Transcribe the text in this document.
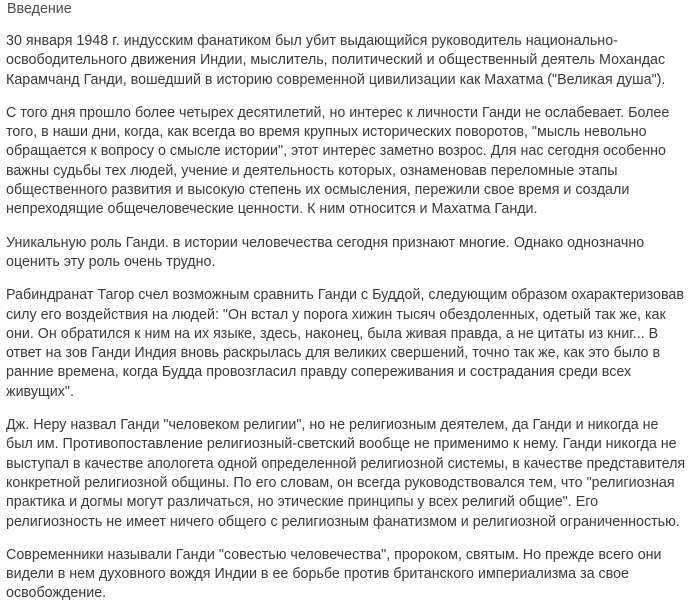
Введение

30 января 1948 г. индусским фанатиком был убит выдающийся руководитель национально-освободительного движения Индии, мыслитель, политический и общественный деятель Мохандас Карамчанд Ганди, вошедший в историю современной цивилизации как Махатма ("Великая душа").

С того дня прошло более четырех десятилетий, но интерес к личности Ганди не ослабевает. Более того, в наши дни, когда, как всегда во время крупных исторических поворотов, "мысль невольно обращается к вопросу о смысле истории", этот интерес заметно возрос. Для нас сегодня особенно важны судьбы тех людей, учение и деятельность которых, ознаменовав переломные этапы общественного развития и высокую степень их осмысления, пережили свое время и создали непреходящие общечеловеческие ценности. К ним относится и Махатма Ганди.

Уникальную роль Ганди. в истории человечества сегодня признают многие. Однако однозначно оценить эту роль очень трудно.

Рабиндранат Тагор счел возможным сравнить Ганди с Буддой, следующим образом охарактеризовав силу его воздействия на людей: "Он встал у порога хижин тысяч обездоленных, одетый так же, как они. Он обратился к ним на их языке, здесь, наконец, была живая правда, а не цитаты из книг... В ответ на зов Ганди Индия вновь раскрылась для великих свершений, точно так же, как это было в ранние времена, когда Будда провозгласил правду сопереживания и сострадания среди всех живущих".

Дж. Неру назвал Ганди "человеком религии", но не религиозным деятелем, да Ганди и никогда не был им. Противопоставление религиозный-светский вообще не применимо к нему. Ганди никогда не выступал в качестве апологета одной определенной религиозной системы, в качестве представителя конкретной религиозной общины. По его словам, он всегда руководствовался тем, что "религиозная практика и догмы могут различаться, но этические принципы у всех религий общие". Его религиозность не имеет ничего общего с религиозным фанатизмом и религиозной ограниченностью.

Современники называли Ганди "совестью человечества", пророком, святым. Но прежде всего они видели в нем духовного вождя Индии в ее борьбе против британского империализма за свое освобождение.
